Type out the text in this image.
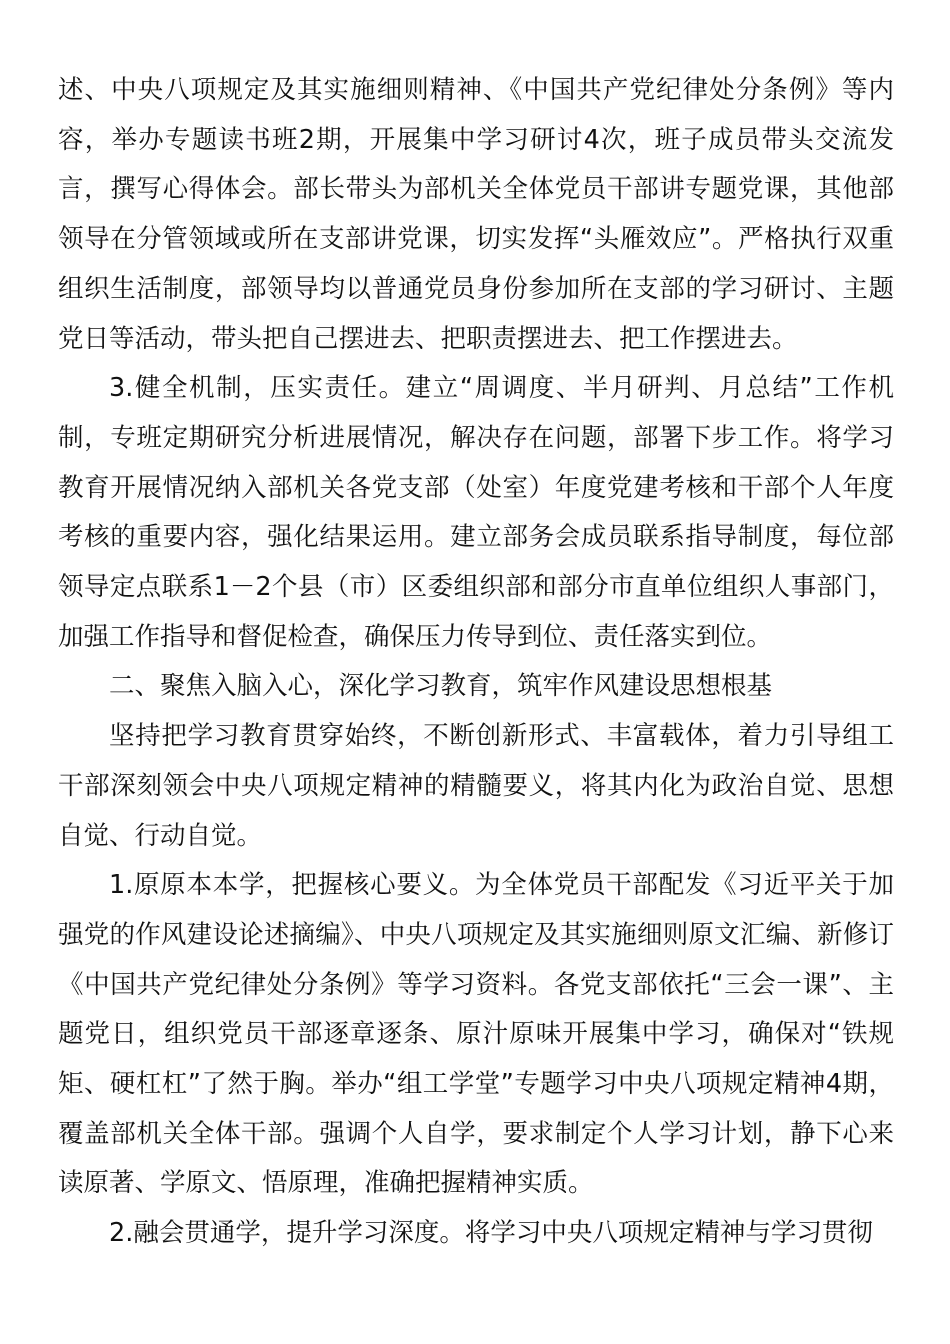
述、中央八项规定及其实施细则精神、《中国共产党纪律处分条例》等内容，举办专题读书班2期，开展集中学习研讨4次，班子成员带头交流发言，撰写心得体会。部长带头为部机关全体党员干部讲专题党课，其他部领导在分管领域或所在支部讲党课，切实发挥“头雁效应”。严格执行双重组织生活制度，部领导均以普通党员身份参加所在支部的学习研讨、主题党日等活动，带头把自己摆进去、把职责摆进去、把工作摆进去。

3.健全机制，压实责任。建立“周调度、半月研判、月总结”工作机制，专班定期研究分析进展情况，解决存在问题，部署下步工作。将学习教育开展情况纳入部机关各党支部（处室）年度党建考核和干部个人年度考核的重要内容，强化结果运用。建立部务会成员联系指导制度，每位部领导定点联系1－2个县（市）区委组织部和部分市直单位组织人事部门，加强工作指导和督促检查，确保压力传导到位、责任落实到位。

二、聚焦入脑入心，深化学习教育，筑牢作风建设思想根基

坚持把学习教育贯穿始终，不断创新形式、丰富载体，着力引导组工干部深刻领会中央八项规定精神的精髓要义，将其内化为政治自觉、思想自觉、行动自觉。

1.原原本本学，把握核心要义。为全体党员干部配发《习近平关于加强党的作风建设论述摘编》、中央八项规定及其实施细则原文汇编、新修订《中国共产党纪律处分条例》等学习资料。各党支部依托“三会一课”、主题党日，组织党员干部逐章逐条、原汁原味开展集中学习，确保对“铁规矩、硬杠杠”了然于胸。举办“组工学堂”专题学习中央八项规定精神4期，覆盖部机关全体干部。强调个人自学，要求制定个人学习计划，静下心来读原著、学原文、悟原理，准确把握精神实质。

2.融会贯通学，提升学习深度。将学习中央八项规定精神与学习贯彻
